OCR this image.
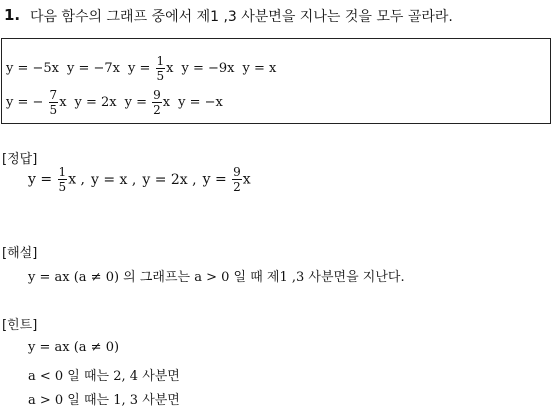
1. 다음 함수의 그래프 중에서 제1 ,3 사분면을 지나는 것을 모두 골라라.
y = −5x y = −7x $y = \frac{1}{5}$ x y = −9x y = x
y = − $\frac{7}{5}$ x y = 2x $y = \frac{9}{2}$ x y = −x
[정답]
$y = \frac{1}{5}$ x , y = x , y = 2x , $y = \frac{9}{2}$ x
[해설]
y = ax (a ≠ 0) 의 그래프는 a > 0 일 때 제1 ,3 사분면을 지난다.
[힌트]
y = ax (a ≠ 0)
a < 0 일 때는 2, 4 사분면
a > 0 일 때는 1, 3 사분면
